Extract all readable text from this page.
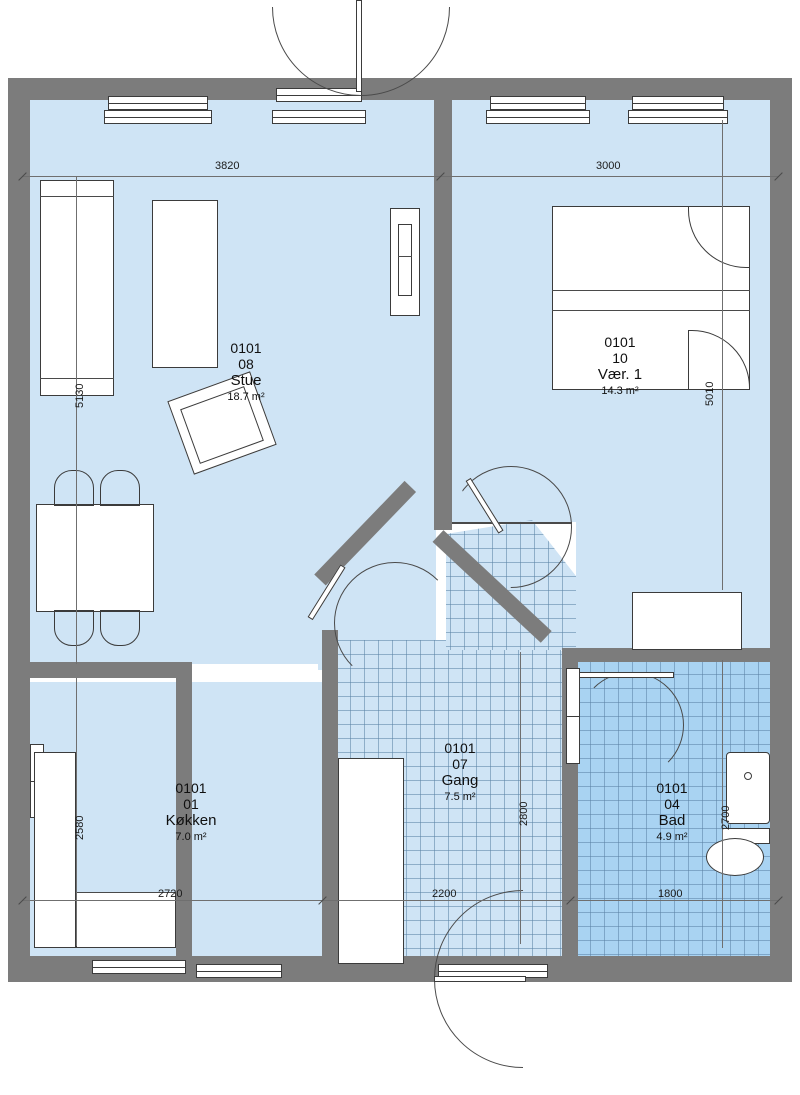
3820	3000
2720	2200	1800
5130	5010
2580
2800	2700
0101
08
Stue
18.7 m²
0101
10
Vær. 1
14.3 m²
0101
07
Gang
7.5 m²
0101
01
Køkken
7.0 m²
0101
04
Bad
4.9 m²
